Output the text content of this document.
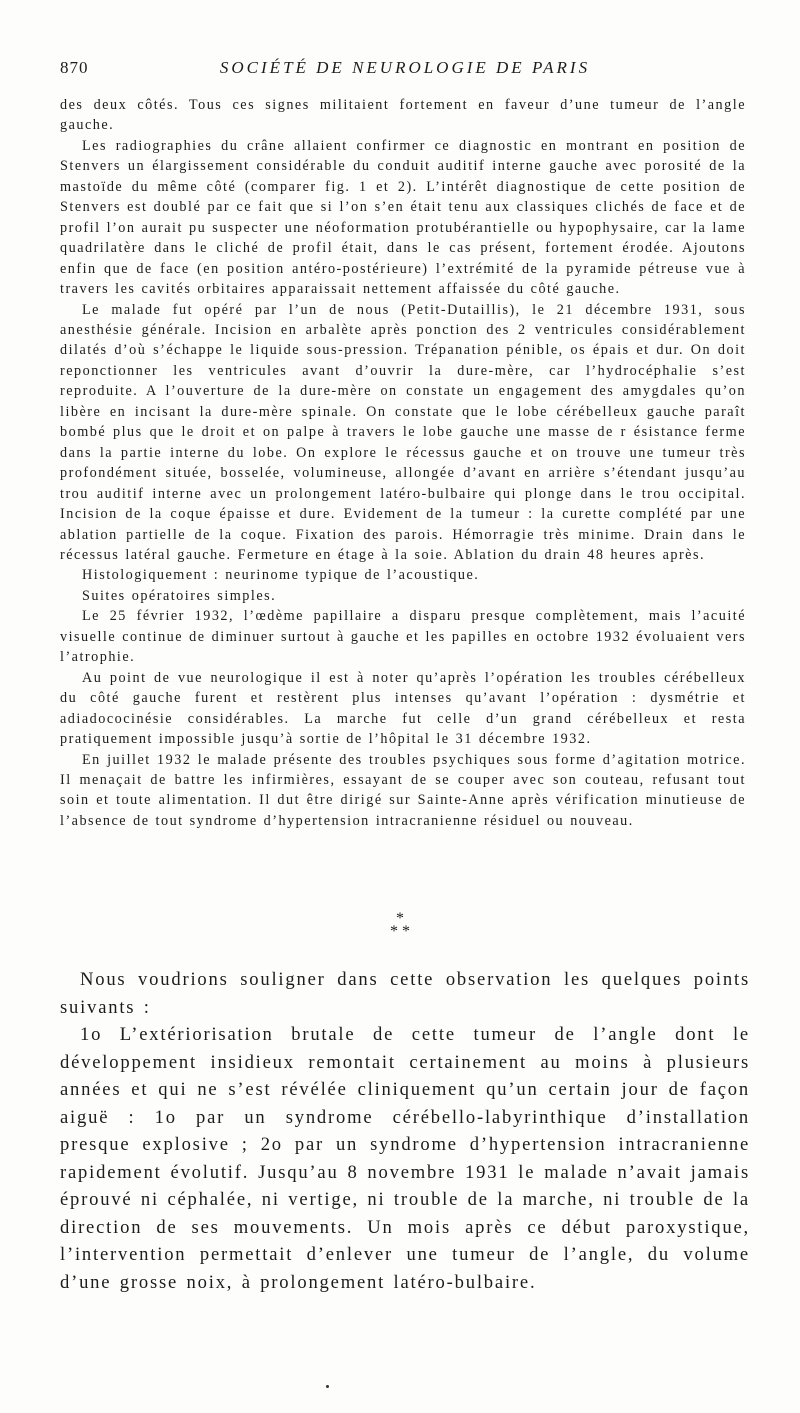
870	SOCIÉTÉ DE NEUROLOGIE DE PARIS

des deux côtés. Tous ces signes militaient fortement en faveur d’une tumeur de l’angle gauche.

Les radiographies du crâne allaient confirmer ce diagnostic en montrant en position de Stenvers un élargissement considérable du conduit auditif interne gauche avec porosité de la mastoïde du même côté (comparer fig. 1 et 2). L’intérêt diagnostique de cette position de Stenvers est doublé par ce fait que si l’on s’en était tenu aux classiques clichés de face et de profil l’on aurait pu suspecter une néoformation protubérantielle ou hypophysaire, car la lame quadrilatère dans le cliché de profil était, dans le cas présent, fortement érodée. Ajoutons enfin que de face (en position antéro-postérieure) l’extrémité de la pyramide pétreuse vue à travers les cavités orbitaires apparaissait nettement affaissée du côté gauche.

Le malade fut opéré par l’un de nous (Petit-Dutaillis), le 21 décembre 1931, sous anesthésie générale. Incision en arbalète après ponction des 2 ventricules considérablement dilatés d’où s’échappe le liquide sous-pression. Trépanation pénible, os épais et dur. On doit reponctionner les ventricules avant d’ouvrir la dure-mère, car l’hydrocéphalie s’est reproduite. A l’ouverture de la dure-mère on constate un engagement des amygdales qu’on libère en incisant la dure-mère spinale. On constate que le lobe cérébelleux gauche paraît bombé plus que le droit et on palpe à travers le lobe gauche une masse de r ésistance ferme dans la partie interne du lobe. On explore le récessus gauche et on trouve une tumeur très profondément située, bosselée, volumineuse, allongée d’avant en arrière s’étendant jusqu’au trou auditif interne avec un prolongement latéro-bulbaire qui plonge dans le trou occipital. Incision de la coque épaisse et dure. Evidement de la tumeur : la curette complété par une ablation partielle de la coque. Fixation des parois. Hémorragie très minime. Drain dans le récessus latéral gauche. Fermeture en étage à la soie. Ablation du drain 48 heures après.

Histologiquement : neurinome typique de l’acoustique.

Suites opératoires simples.

Le 25 février 1932, l’œdème papillaire a disparu presque complètement, mais l’acuité visuelle continue de diminuer surtout à gauche et les papilles en octobre 1932 évoluaient vers l’atrophie.

Au point de vue neurologique il est à noter qu’après l’opération les troubles cérébelleux du côté gauche furent et restèrent plus intenses qu’avant l’opération : dysmétrie et adiadococinésie considérables. La marche fut celle d’un grand cérébelleux et resta pratiquement impossible jusqu’à sortie de l’hôpital le 31 décembre 1932.

En juillet 1932 le malade présente des troubles psychiques sous forme d’agitation motrice. Il menaçait de battre les infirmières, essayant de se couper avec son couteau, refusant tout soin et toute alimentation. Il dut être dirigé sur Sainte-Anne après vérification minutieuse de l’absence de tout syndrome d’hypertension intracranienne résiduel ou nouveau.

*
* *

Nous voudrions souligner dans cette observation les quelques points suivants :

1o L’extériorisation brutale de cette tumeur de l’angle dont le développement insidieux remontait certainement au moins à plusieurs années et qui ne s’est révélée cliniquement qu’un certain jour de façon aiguë : 1o par un syndrome cérébello-labyrinthique d’installation presque explosive ; 2o par un syndrome d’hypertension intracranienne rapidement évolutif. Jusqu’au 8 novembre 1931 le malade n’avait jamais éprouvé ni céphalée, ni vertige, ni trouble de la marche, ni trouble de la direction de ses mouvements. Un mois après ce début paroxystique, l’intervention permettait d’enlever une tumeur de l’angle, du volume d’une grosse noix, à prolongement latéro-bulbaire.
